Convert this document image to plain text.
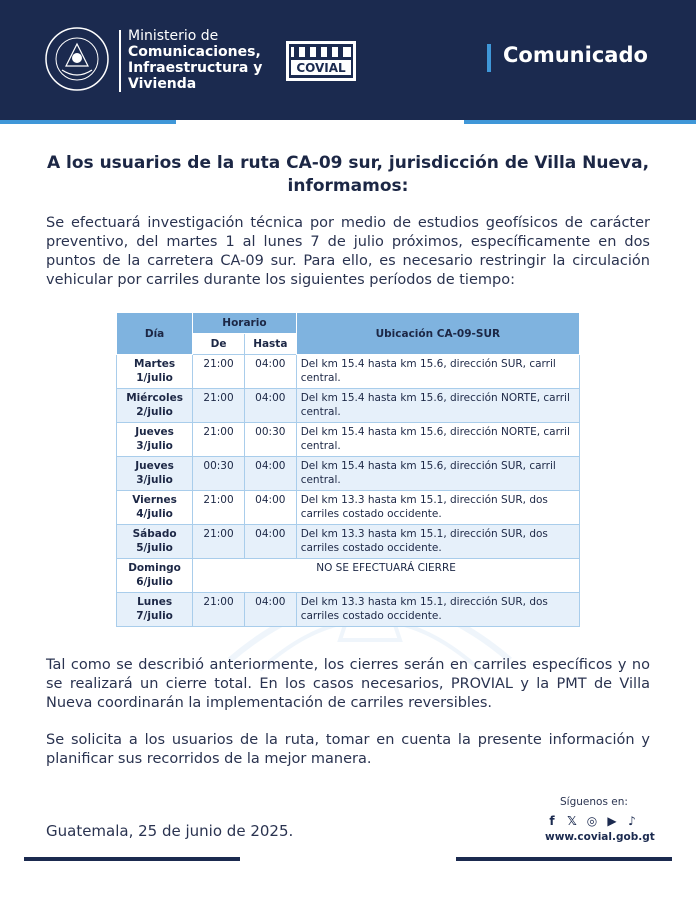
Ministerio de
Comunicaciones,
Infraestructura y
Vivienda
COVIAL
Comunicado
A los usuarios de la ruta CA-09 sur, jurisdicción de Villa Nueva, informamos:
Se efectuará investigación técnica por medio de estudios geofísicos de carácter preventivo, del martes 1 al lunes 7 de julio próximos, específicamente en dos puntos de la carretera CA-09 sur. Para ello, es necesario restringir la circulación vehicular por carriles durante los siguientes períodos de tiempo:
Día	Horario		Ubicación CA-09-SUR
	De	Hasta	
Martes 1/julio	21:00	04:00	Del km 15.4 hasta km 15.6, dirección SUR, carril central.
Miércoles 2/julio	21:00	04:00	Del km 15.4 hasta km 15.6, dirección NORTE, carril central.
Jueves 3/julio	21:00	00:30	Del km 15.4 hasta km 15.6, dirección NORTE, carril central.
Jueves 3/julio	00:30	04:00	Del km 15.4 hasta km 15.6, dirección SUR, carril central.
Viernes 4/julio	21:00	04:00	Del km 13.3 hasta km 15.1, dirección SUR, dos carriles costado occidente.
Sábado 5/julio	21:00	04:00	Del km 13.3 hasta km 15.1, dirección SUR, dos carriles costado occidente.
Domingo 6/julio	NO SE EFECTUARÁ CIERRE		
Lunes 7/julio	21:00	04:00	Del km 13.3 hasta km 15.1, dirección SUR, dos carriles costado occidente.
Tal como se describió anteriormente, los cierres serán en carriles específicos y no se realizará un cierre total. En los casos necesarios, PROVIAL y la PMT de Villa Nueva coordinarán la implementación de carriles reversibles.
Se solicita a los usuarios de la ruta, tomar en cuenta la presente información y planificar sus recorridos de la mejor manera.
Guatemala, 25 de junio de 2025.
Síguenos en:
f	𝕏 ◎ ▶ ♪
www.covial.gob.gt
